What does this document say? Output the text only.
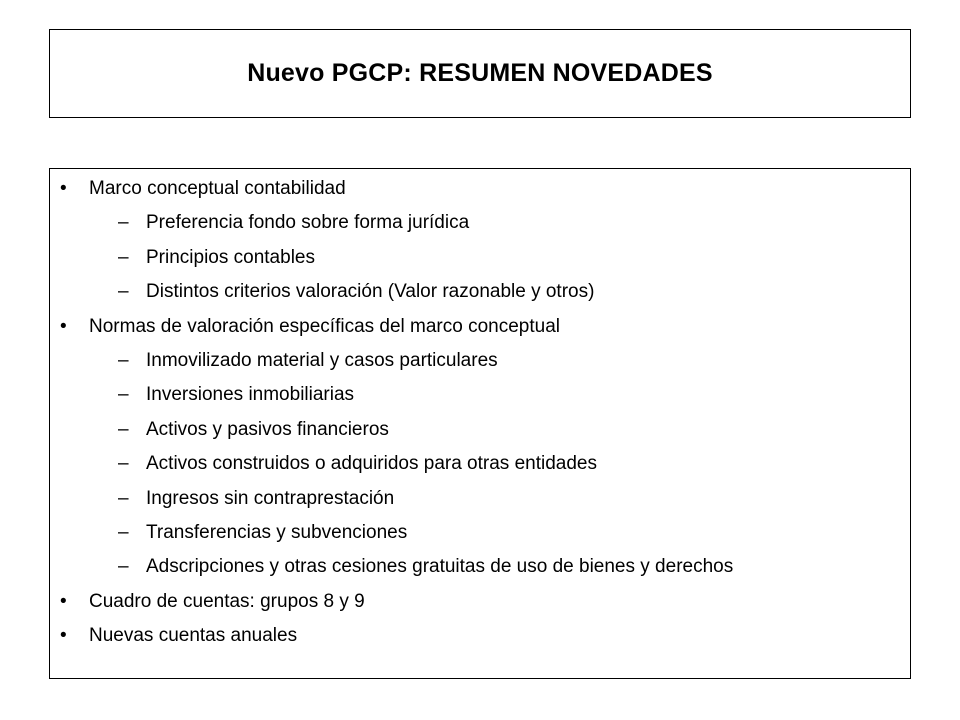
Nuevo PGCP: RESUMEN NOVEDADES
• Marco conceptual contabilidad
– Preferencia fondo sobre forma jurídica
– Principios contables
– Distintos criterios valoración (Valor razonable y otros)
• Normas de valoración específicas del marco conceptual
– Inmovilizado material y casos particulares
– Inversiones inmobiliarias
– Activos y pasivos financieros
– Activos construidos o adquiridos para otras entidades
– Ingresos sin contraprestación
– Transferencias y subvenciones
– Adscripciones y otras cesiones gratuitas de uso de bienes y derechos
• Cuadro de cuentas: grupos 8 y 9
• Nuevas cuentas anuales
